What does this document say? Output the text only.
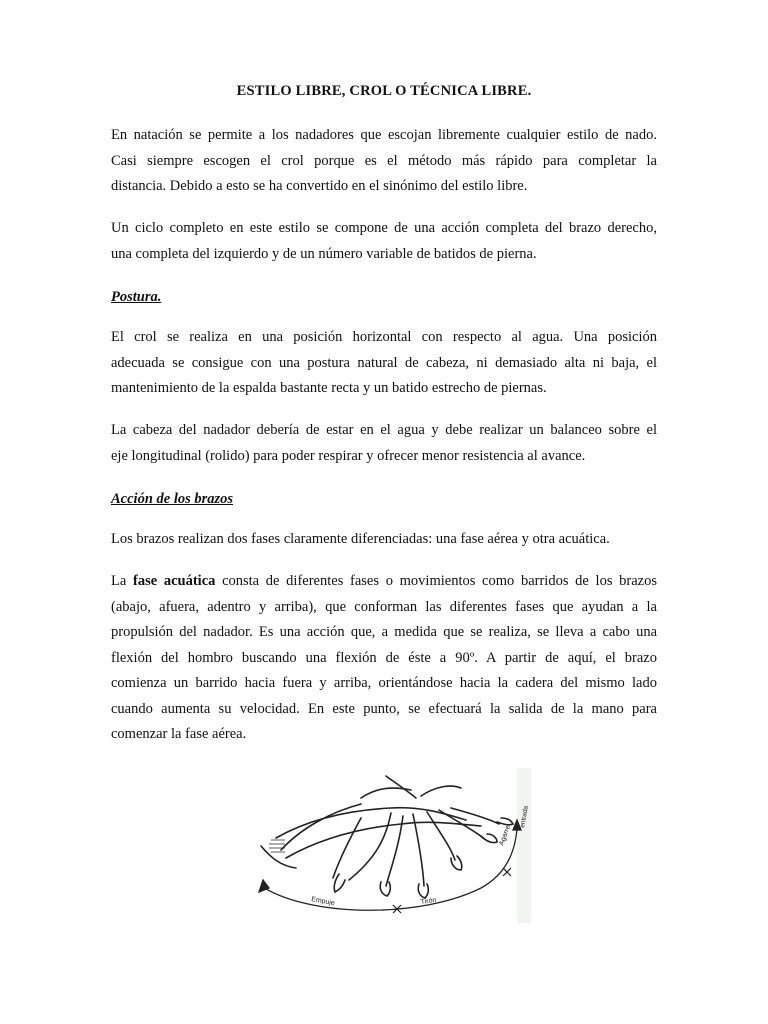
ESTILO LIBRE, CROL O TÉCNICA LIBRE.

En natación se permite a los nadadores que escojan libremente cualquier estilo de nado.
Casi siempre escogen el crol porque es el método más rápido para completar la
distancia. Debido a esto se ha convertido en el sinónimo del estilo libre.

Un ciclo completo en este estilo se compone de una acción completa del brazo derecho,
una completa del izquierdo y de un número variable de batidos de pierna.

Postura.

El crol se realiza en una posición horizontal con respecto al agua. Una posición
adecuada se consigue con una postura natural de cabeza, ni demasiado alta ni baja, el
mantenimiento de la espalda bastante recta y un batido estrecho de piernas.

La cabeza del nadador debería de estar en el agua y debe realizar un balanceo sobre el
eje longitudinal (rolido) para poder respirar y ofrecer menor resistencia al avance.

Acción de los brazos

Los brazos realizan dos fases claramente diferenciadas: una fase aérea y otra acuática.

La fase acuática consta de diferentes fases o movimientos como barridos de los brazos
(abajo, afuera, adentro y arriba), que conforman las diferentes fases que ayudan a la
propulsión del nadador. Es una acción que, a medida que se realiza, se lleva a cabo una
flexión del hombro buscando una flexión de éste a 90º. A partir de aquí, el brazo
comienza un barrido hacia fuera y arriba, orientándose hacia la cadera del mismo lado
cuando aumenta su velocidad. En este punto, se efectuará la salida de la mano para
comenzar la fase aérea.

Empuje	Tirón
Agarre
entrada
